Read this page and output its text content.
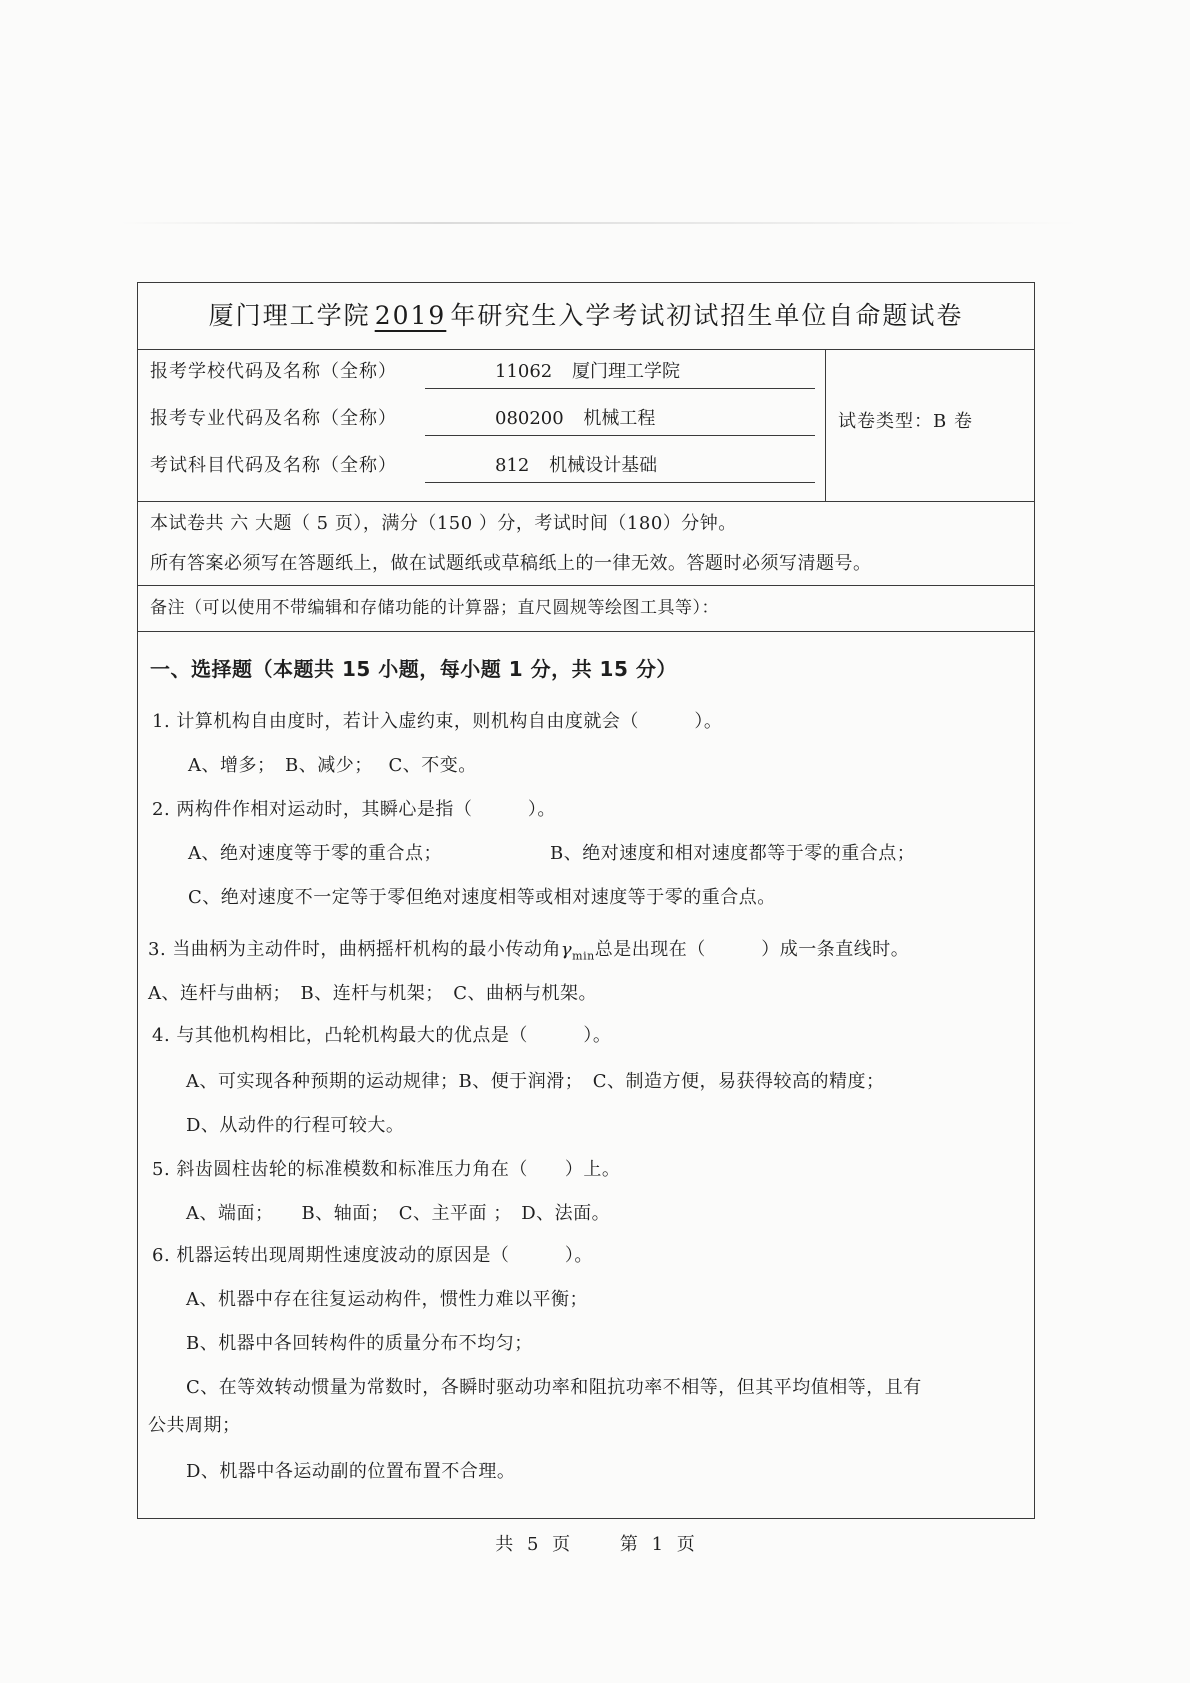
厦门理工学院 2019 年研究生入学考试初试招生单位自命题试卷
报考学校代码及名称（全称）	11062 厦门理工学院
报考专业代码及名称（全称）	080200 机械工程
考试科目代码及名称（全称）	812 机械设计基础
试卷类型：B 卷

本试卷共 六 大题（ 5 页），满分（150 ）分，考试时间（180）分钟。

所有答案必须写在答题纸上，做在试题纸或草稿纸上的一律无效。答题时必须写清题号。

备注（可以使用不带编辑和存储功能的计算器；直尺圆规等绘图工具等）：

一、选择题（本题共 15 小题，每小题 1 分，共 15 分）

1. 计算机构自由度时，若计入虚约束，则机构自由度就会（　　　）。

A、增多；　B、减少；　 C、不变。

2. 两构件作相对运动时，其瞬心是指（　　　）。

A、绝对速度等于零的重合点；	B、绝对速度和相对速度都等于零的重合点；

C、绝对速度不一定等于零但绝对速度相等或相对速度等于零的重合点。

3. 当曲柄为主动件时，曲柄摇杆机构的最小传动角$\gamma_{min}$总是出现在（　　　）成一条直线时。

A、连杆与曲柄；　B、连杆与机架；　C、曲柄与机架。

4. 与其他机构相比，凸轮机构最大的优点是（　　　）。

A、可实现各种预期的运动规律；B、便于润滑；　C、制造方便，易获得较高的精度；

D、从动件的行程可较大。

5. 斜齿圆柱齿轮的标准模数和标准压力角在（　　）上。

A、端面；　　B、轴面；　C、主平面 ；　D、法面。

6. 机器运转出现周期性速度波动的原因是（　　　）。

A、机器中存在往复运动构件，惯性力难以平衡；

B、机器中各回转构件的质量分布不均匀；

C、在等效转动惯量为常数时，各瞬时驱动功率和阻抗功率不相等，但其平均值相等，且有

公共周期；

D、机器中各运动副的位置布置不合理。

共 5 页	第 1 页
